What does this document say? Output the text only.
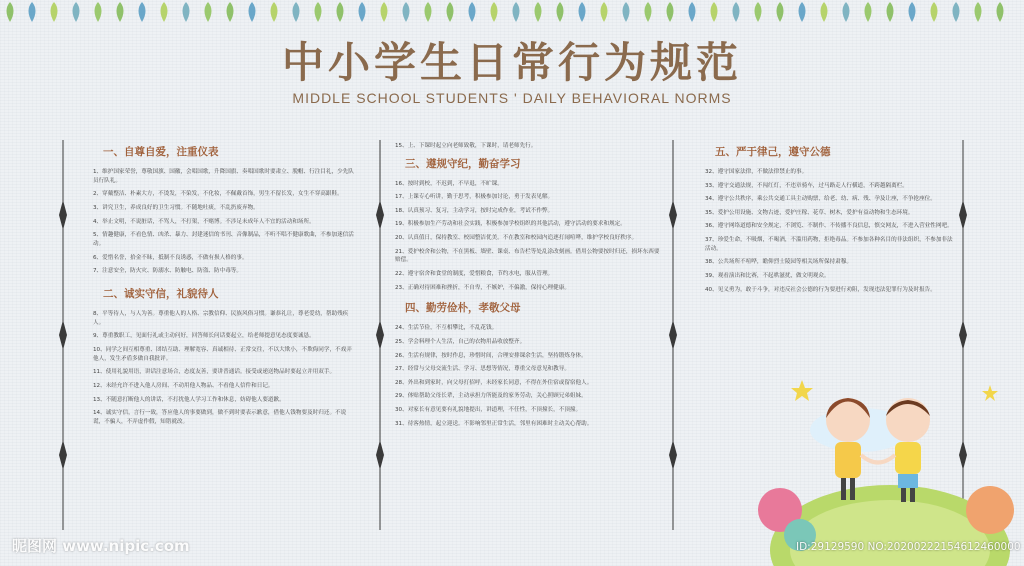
中小学生日常行为规范
MIDDLE SCHOOL STUDENTS ' DAILY BEHAVIORAL NORMS
一、自尊自爱，注重仪表
1、维护国家荣誉，尊敬国旗、国徽，会唱国歌，升降国旗、奏唱国歌时要肃立、脱帽、行注目礼，少先队员行队礼。
2、穿戴整洁、朴素大方，不烫发，不染发，不化妆，不佩戴首饰，男生不留长发，女生不穿高跟鞋。
3、讲究卫生，养成良好的卫生习惯。不随地吐痰，不乱扔废弃物。
4、举止文明，不说脏话，不骂人，不打架，不赌博。不涉足未成年人不宜的活动和场所。
5、情趣健康，不看色情、凶杀、暴力、封建迷信的书刊、音像制品，不听不唱不健康歌曲，不参加迷信活动。
6、爱惜名誉，拾金不昧，抵制不良诱惑，不做有损人格的事。
7、注意安全，防火灾、防溺水、防触电、防盗、防中毒等。
二、诚实守信，礼貌待人
8、平等待人，与人为善。尊重他人的人格、宗教信仰、民族风俗习惯。谦恭礼让，尊老爱幼，帮助残疾人。
9、尊重教职工，见面行礼或主动问好，回答师长问话要起立，给老师提意见态度要诚恳。
10、同学之间互相尊重、团结互助、理解宽容、真诚相待、正常交往，不以大欺小，不欺侮同学，不戏弄他人，发生矛盾多做自我批评。
11、使用礼貌用语，讲话注意场合，态度友善，要讲普通话。接受或递送物品时要起立并用双手。
12、未经允许不进入他人房间、不动用他人物品、不看他人信件和日记。
13、不随意打断他人的讲话，不打扰他人学习工作和休息，妨碍他人要道歉。
14、诚实守信，言行一致，答应他人的事要做到，做不到时要表示歉意，借他人钱物要及时归还。不说谎，不骗人，不弄虚作假，知错就改。
15、上、下课时起立向老师致敬，下课时，请老师先行。
三、遵规守纪，勤奋学习
16、按时到校，不迟到，不早退，不旷课。
17、上课专心听讲，勤于思考，积极参加讨论，勇于发表见解。
18、认真预习、复习，主动学习，按时完成作业，考试不作弊。
19、积极参加生产劳动和社会实践，积极参加学校组织的其他活动，遵守活动的要求和规定。
20、认真值日，保持教室、校园整洁优美。不在教室和校园内追逐打闹喧哗，维护学校良好秩序。
21、爱护校舍和公物，不在黑板、墙壁、课桌、布告栏等处乱涂改刻画。借用公物要按时归还，损坏东西要赔偿。
22、遵守宿舍和食堂的制度，爱惜粮食，节约水电，服从管理。
23、正确对待困难和挫折，不自卑，不嫉妒，不偏激，保持心理健康。
四、勤劳俭朴，孝敬父母
24、生活节俭，不互相攀比，不乱花钱。
25、学会料理个人生活，自己的衣物用品收放整齐。
26、生活有规律，按时作息，珍惜时间，合理安排课余生活，坚持锻炼身体。
27、经常与父母交流生活、学习、思想等情况，尊重父母意见和教导。
28、外出和到家时，向父母打招呼，未经家长同意，不得在外住宿或留宿他人。
29、体贴帮助父母长辈，主动承担力所能及的家务劳动，关心照顾兄弟姐妹。
30、对家长有意见要有礼貌地提出，讲道理，不任性，不顶撞长，不顶撞。
31、待客热情，起立迎送。不影响邻里正常生活，邻里有困难时主动关心帮助。
五、严于律己，遵守公德
32、遵守国家法律，不做法律禁止的事。
33、遵守交通法规，不闯红灯，不违章骑车，过马路走人行横道，不跨越隔离栏。
34、遵守公共秩序，乘公共交通工具主动购票，给老、幼、病、残、孕及让座，不争抢座位。
35、爱护公用设施、文物古迹，爱护庄稼、花草、树木，爱护有益动物和生态环境。
36、遵守网络道德和安全规定，不浏览、不制作、不传播不良信息，慎交网友，不进入营业性网吧。
37、珍爱生命，不吸烟，不喝酒，不滥用药物，拒绝毒品。不参加各种名目的非法组织，不参加非法活动。
38、公共场所不喧哗，瞻仰烈士陵园等相关场所保持肃穆。
39、观看演出和比赛，不起哄滋扰，做文明观众。
40、见义勇为，敢于斗争，对违反社会公德的行为要进行劝阻，发现违法犯罪行为及时报告。
昵图网 www.nipic.com	ID:29129590 NO:20200222154612460000
